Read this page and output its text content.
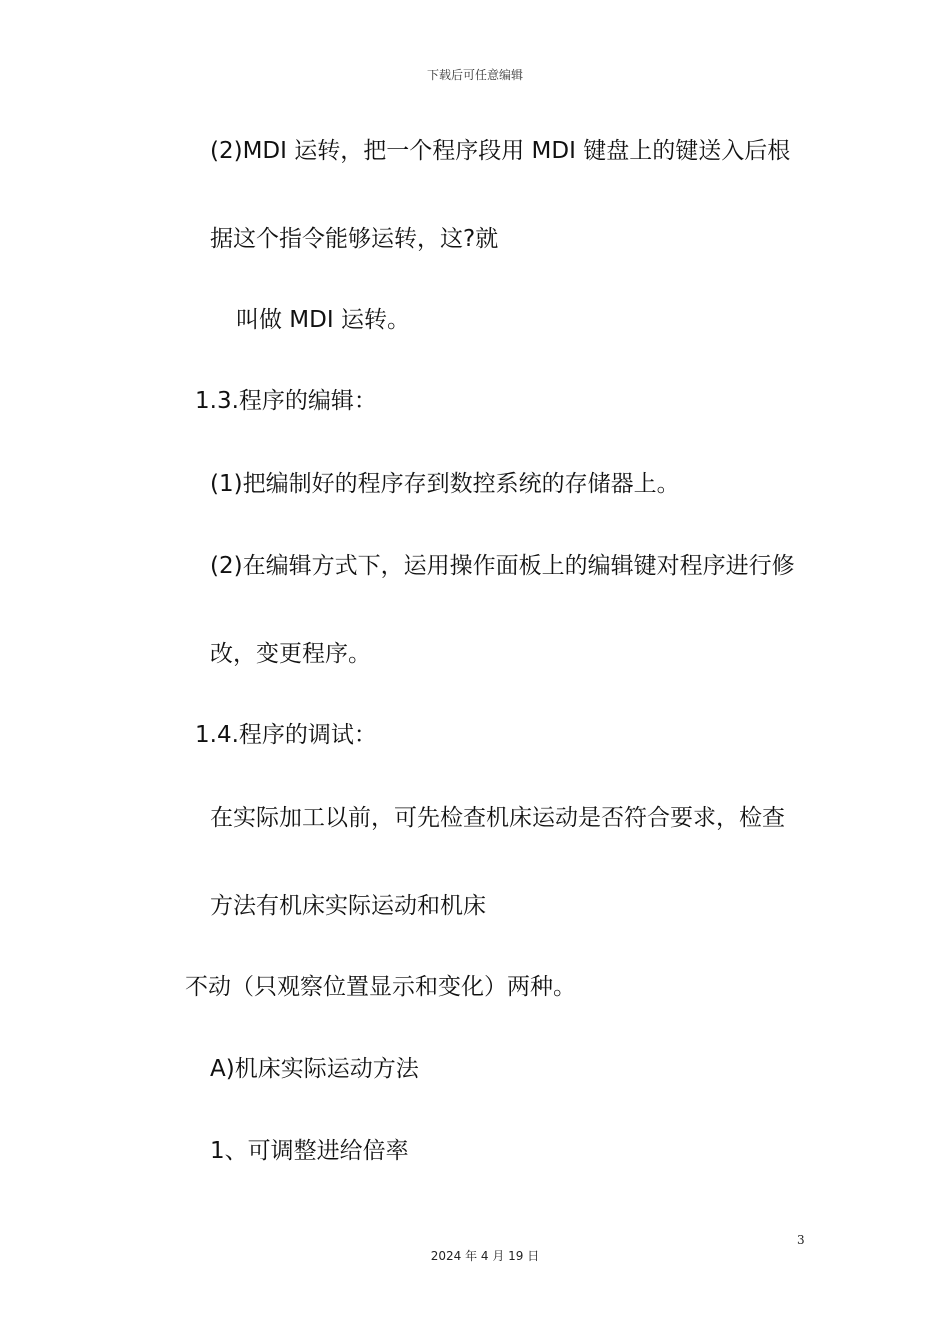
下载后可任意编辑
(2)MDI 运转，把一个程序段用 MDI 键盘上的键送入后根
据这个指令能够运转，这?就
叫做 MDI 运转。
1.3.程序的编辑：
(1)把编制好的程序存到数控系统的存储器上。
(2)在编辑方式下，运用操作面板上的编辑键对程序进行修
改，变更程序。
1.4.程序的调试：
在实际加工以前，可先检查机床运动是否符合要求，检查
方法有机床实际运动和机床
不动（只观察位置显示和变化）两种。
A)机床实际运动方法
1、可调整进给倍率
3
2024 年 4 月 19 日
